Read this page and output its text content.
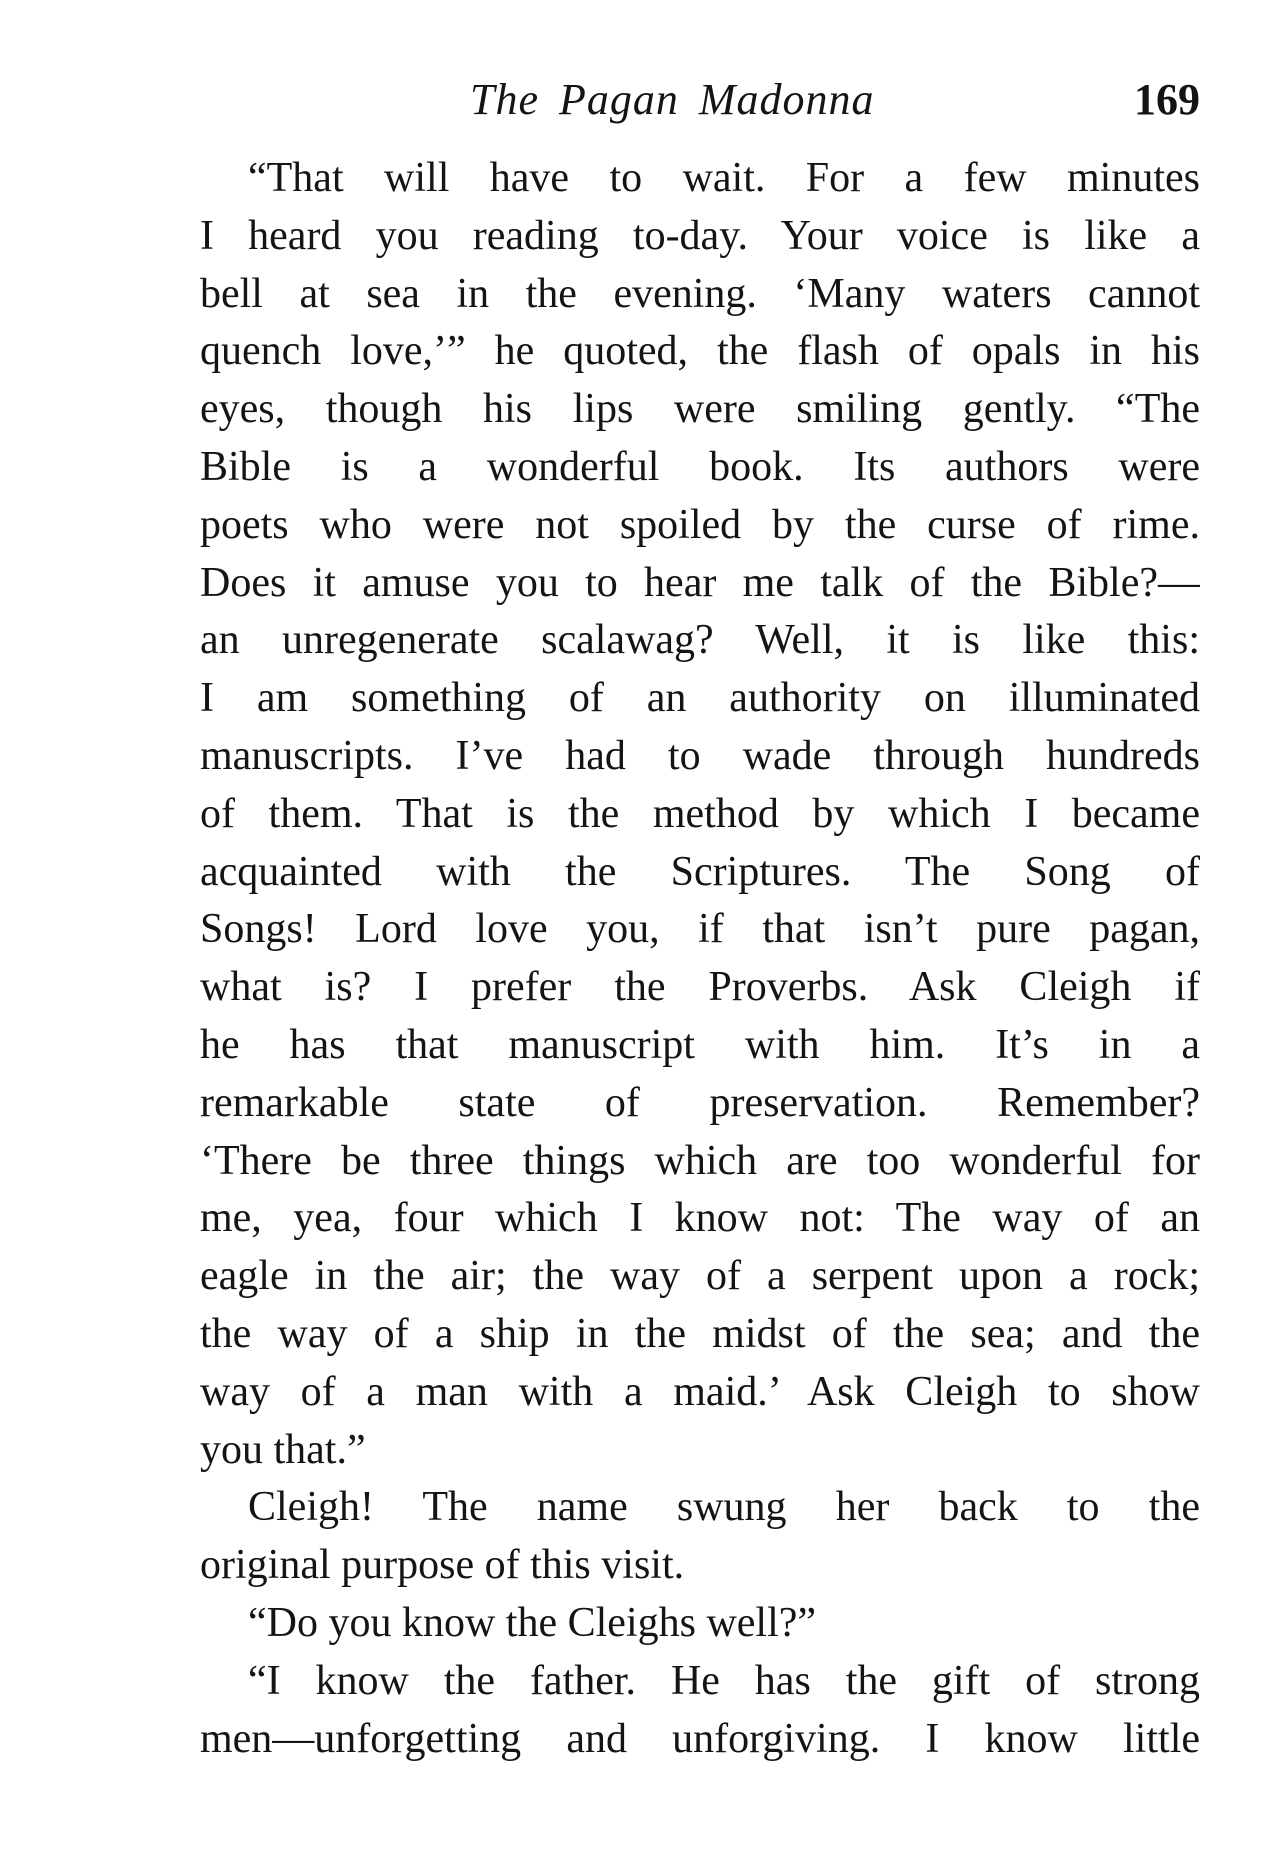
The Pagan Madonna	169
“That will have to wait. For a few minutes
I heard you reading to-day. Your voice is like a
bell at sea in the evening. ‘Many waters cannot
quench love,’” he quoted, the flash of opals in his
eyes, though his lips were smiling gently. “The
Bible is a wonderful book. Its authors were
poets who were not spoiled by the curse of rime.
Does it amuse you to hear me talk of the Bible?—
an unregenerate scalawag? Well, it is like this:
I am something of an authority on illuminated
manuscripts. I’ve had to wade through hundreds
of them. That is the method by which I became
acquainted with the Scriptures. The Song of
Songs! Lord love you, if that isn’t pure pagan,
what is? I prefer the Proverbs. Ask Cleigh if
he has that manuscript with him. It’s in a
remarkable state of preservation. Remember?
‘There be three things which are too wonderful for
me, yea, four which I know not: The way of an
eagle in the air; the way of a serpent upon a rock;
the way of a ship in the midst of the sea; and the
way of a man with a maid.’ Ask Cleigh to show
you that.”
Cleigh! The name swung her back to the
original purpose of this visit.
“Do you know the Cleighs well?”
“I know the father. He has the gift of strong
men—unforgetting and unforgiving. I know little
